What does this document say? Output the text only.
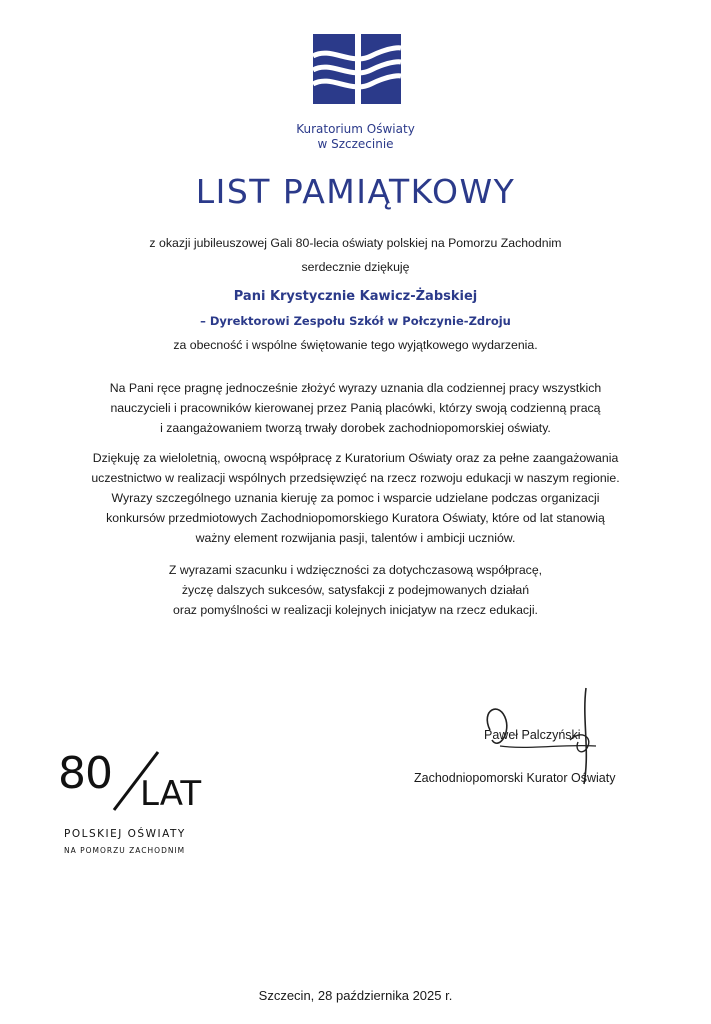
Kuratorium Oświaty
w Szczecinie
LIST PAMIĄTKOWY
z okazji jubileuszowej Gali 80-lecia oświaty polskiej na Pomorzu Zachodnim
serdecznie dziękuję
Pani Krystycznie Kawicz-Żabskiej
– Dyrektorowi Zespołu Szkół w Połczynie-Zdroju
za obecność i wspólne świętowanie tego wyjątkowego wydarzenia.
Na Pani ręce pragnę jednocześnie złożyć wyrazy uznania dla codziennej pracy wszystkich
nauczycieli i pracowników kierowanej przez Panią placówki, którzy swoją codzienną pracą
i zaangażowaniem tworzą trwały dorobek zachodniopomorskiej oświaty.
Dziękuję za wieloletnią, owocną współpracę z Kuratorium Oświaty oraz za pełne zaangażowania
uczestnictwo w realizacji wspólnych przedsięwzięć na rzecz rozwoju edukacji w naszym regionie.
Wyrazy szczególnego uznania kieruję za pomoc i wsparcie udzielane podczas organizacji
konkursów przedmiotowych Zachodniopomorskiego Kuratora Oświaty, które od lat stanowią
ważny element rozwijania pasji, talentów i ambicji uczniów.
Z wyrazami szacunku i wdzięczności za dotychczasową współpracę,
życzę dalszych sukcesów, satysfakcji z podejmowanych działań
oraz pomyślności w realizacji kolejnych inicjatyw na rzecz edukacji.
Paweł Palczyński
Zachodniopomorski Kurator Oświaty
80 LAT
POLSKIEJ OŚWIATY
NA POMORZU ZACHODNIM
Szczecin, 28 października 2025 r.
